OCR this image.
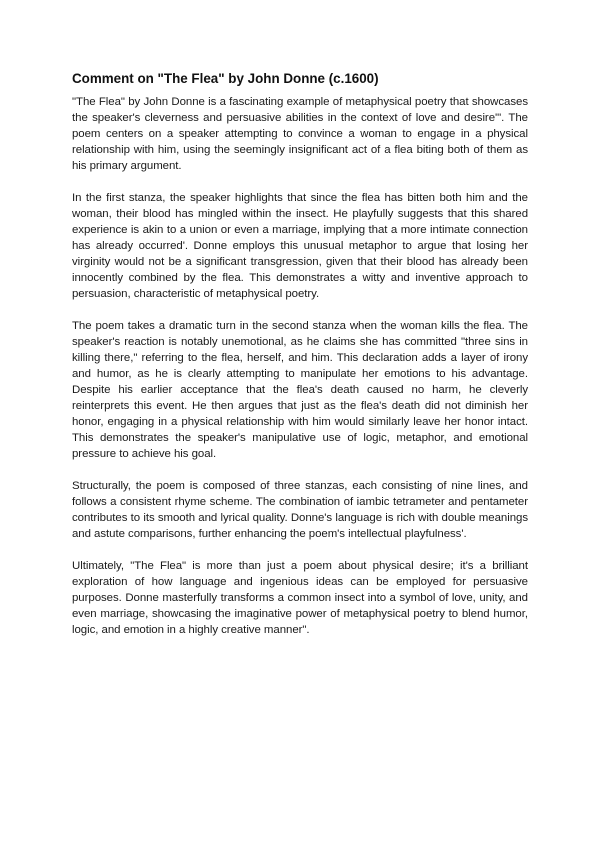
Comment on "The Flea" by John Donne (c.1600)

"The Flea" by John Donne is a fascinating example of metaphysical poetry that showcases the speaker's cleverness and persuasive abilities in the context of love and desire'". The poem centers on a speaker attempting to convince a woman to engage in a physical relationship with him, using the seemingly insignificant act of a flea biting both of them as his primary argument.

In the first stanza, the speaker highlights that since the flea has bitten both him and the woman, their blood has mingled within the insect. He playfully suggests that this shared experience is akin to a union or even a marriage, implying that a more intimate connection has already occurred'. Donne employs this unusual metaphor to argue that losing her virginity would not be a significant transgression, given that their blood has already been innocently combined by the flea. This demonstrates a witty and inventive approach to persuasion, characteristic of metaphysical poetry.

The poem takes a dramatic turn in the second stanza when the woman kills the flea. The speaker's reaction is notably unemotional, as he claims she has committed "three sins in killing there," referring to the flea, herself, and him. This declaration adds a layer of irony and humor, as he is clearly attempting to manipulate her emotions to his advantage. Despite his earlier acceptance that the flea's death caused no harm, he cleverly reinterprets this event. He then argues that just as the flea's death did not diminish her honor, engaging in a physical relationship with him would similarly leave her honor intact. This demonstrates the speaker's manipulative use of logic, metaphor, and emotional pressure to achieve his goal.

Structurally, the poem is composed of three stanzas, each consisting of nine lines, and follows a consistent rhyme scheme. The combination of iambic tetrameter and pentameter contributes to its smooth and lyrical quality. Donne's language is rich with double meanings and astute comparisons, further enhancing the poem's intellectual playfulness'.

Ultimately, "The Flea" is more than just a poem about physical desire; it's a brilliant exploration of how language and ingenious ideas can be employed for persuasive purposes. Donne masterfully transforms a common insect into a symbol of love, unity, and even marriage, showcasing the imaginative power of metaphysical poetry to blend humor, logic, and emotion in a highly creative manner".
